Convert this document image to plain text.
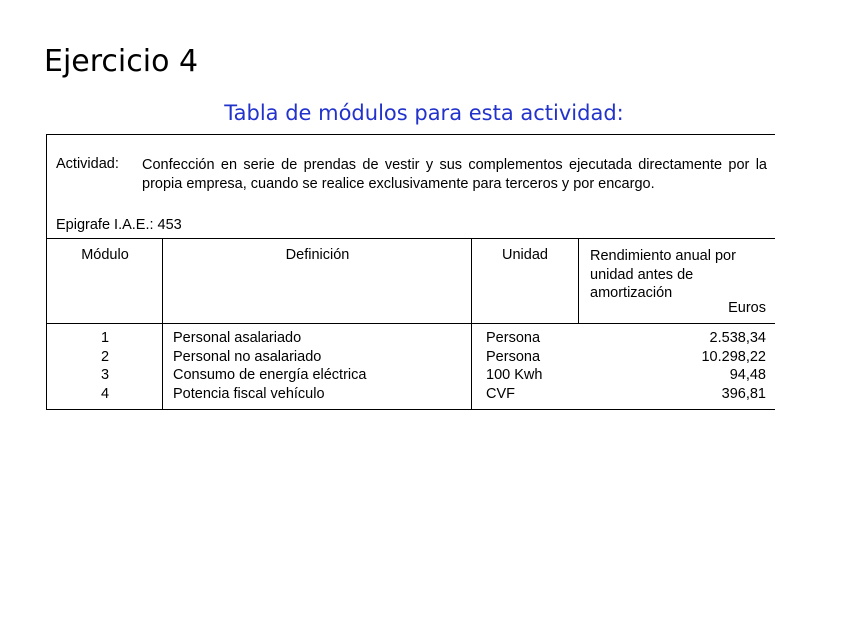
Ejercicio 4
Tabla de módulos para esta actividad:
Actividad: Confección en serie de prendas de vestir y sus complementos ejecutada directamente por la propia empresa, cuando se realice exclusivamente para terceros y por encargo.
Epigrafe I.A.E.: 453
Módulo	Definición	Unidad	Rendimiento anual por unidad antes de amortización
Euros
1	Personal asalariado	Persona	2.538,34
2	Personal no asalariado	Persona	10.298,22
3	Consumo de energía eléctrica	100 Kwh	94,48
4	Potencia fiscal vehículo	CVF	396,81
